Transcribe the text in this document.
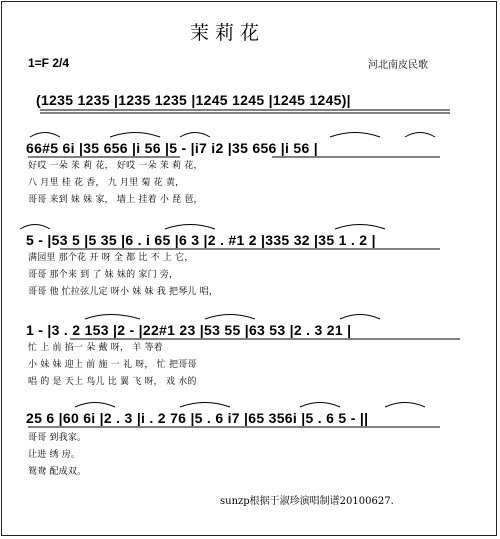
茉莉花
1=F 2/4	河北南皮民歌
(1235 1235 |1235 1235 |1245 1245 |1245 1245)|
66#5 6i |35 656 |i 56 |5 - |i7 i2 |35 656 |i 56 |
好哎 一朵 茉 莉 花， 好哎 一朵 茉 莉 花，
八 月里 桂 花 香， 九 月里 菊 花 黄，
哥哥 来到 妹 妹 家， 墙上 挂着 小 琵 琶，
5 - |53 5 |5 35 |6 . i 65 |6 3 |2 . #1 2 |335 32 |35 1 . 2 |
满园里 那个花 开 呀 全 都 比 不 上 它，
哥哥 那个来 到 了 妹 妹的 家门 旁，
哥哥 他 忙拉弦儿定 呀小 妹 妹 我 把琴儿 唱，
1 - |3 . 2 153 |2 - |22#1 23 |53 55 |63 53 |2 . 3 21 |
忙 上 前 掐一 朵 戴 呀， 羊 等着
小 妹 妹 迎上 前 施 一 礼 呀， 忙 把哥哥
唱 的 是 天上 鸟儿 比 翼 飞 呀， 戏 水的
25 6 |60 6i |2 . 3 |i . 2 76 |5 . 6 i7 |65 356i |5 . 6 5 - ||
哥哥 到我家。
让进 绣 房。
鸳鸯 配成双。
sunzp根据于淑珍演唱制谱20100627.
